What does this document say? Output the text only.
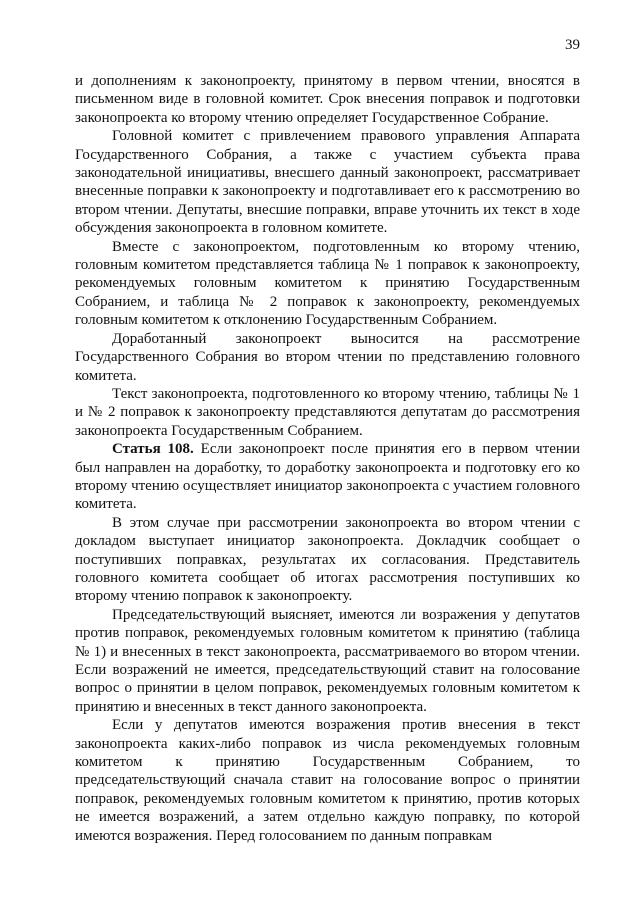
39

и дополнениям к законопроекту, принятому в первом чтении, вносятся в письменном виде в головной комитет. Срок внесения поправок и подготовки законопроекта ко второму чтению определяет Государственное Собрание.

Головной комитет с привлечением правового управления Аппарата Государственного Собрания, а также с участием субъекта права законодательной инициативы, внесшего данный законопроект, рассматривает внесенные поправки к законопроекту и подготавливает его к рассмотрению во втором чтении. Депутаты, внесшие поправки, вправе уточнить их текст в ходе обсуждения законопроекта в головном комитете.

Вместе с законопроектом, подготовленным ко второму чтению, головным комитетом представляется таблица № 1 поправок к законопроекту, рекомендуемых головным комитетом к принятию Государственным Собранием, и таблица № 2 поправок к законопроекту, рекомендуемых головным комитетом к отклонению Государственным Собранием.

Доработанный законопроект выносится на рассмотрение Государственного Собрания во втором чтении по представлению головного комитета.

Текст законопроекта, подготовленного ко второму чтению, таблицы № 1 и № 2 поправок к законопроекту представляются депутатам до рассмотрения законопроекта Государственным Собранием.

Статья 108. Если законопроект после принятия его в первом чтении был направлен на доработку, то доработку законопроекта и подготовку его ко второму чтению осуществляет инициатор законопроекта с участием головного комитета.

В этом случае при рассмотрении законопроекта во втором чтении с докладом выступает инициатор законопроекта. Докладчик сообщает о поступивших поправках, результатах их согласования. Представитель головного комитета сообщает об итогах рассмотрения поступивших ко второму чтению поправок к законопроекту.

Председательствующий выясняет, имеются ли возражения у депутатов против поправок, рекомендуемых головным комитетом к принятию (таблица № 1) и внесенных в текст законопроекта, рассматриваемого во втором чтении. Если возражений не имеется, председательствующий ставит на голосование вопрос о принятии в целом поправок, рекомендуемых головным комитетом к принятию и внесенных в текст данного законопроекта.

Если у депутатов имеются возражения против внесения в текст законопроекта каких-либо поправок из числа рекомендуемых головным комитетом к принятию Государственным Собранием, то председательствующий сначала ставит на голосование вопрос о принятии поправок, рекомендуемых головным комитетом к принятию, против которых не имеется возражений, а затем отдельно каждую поправку, по которой имеются возражения. Перед голосованием по данным поправкам
